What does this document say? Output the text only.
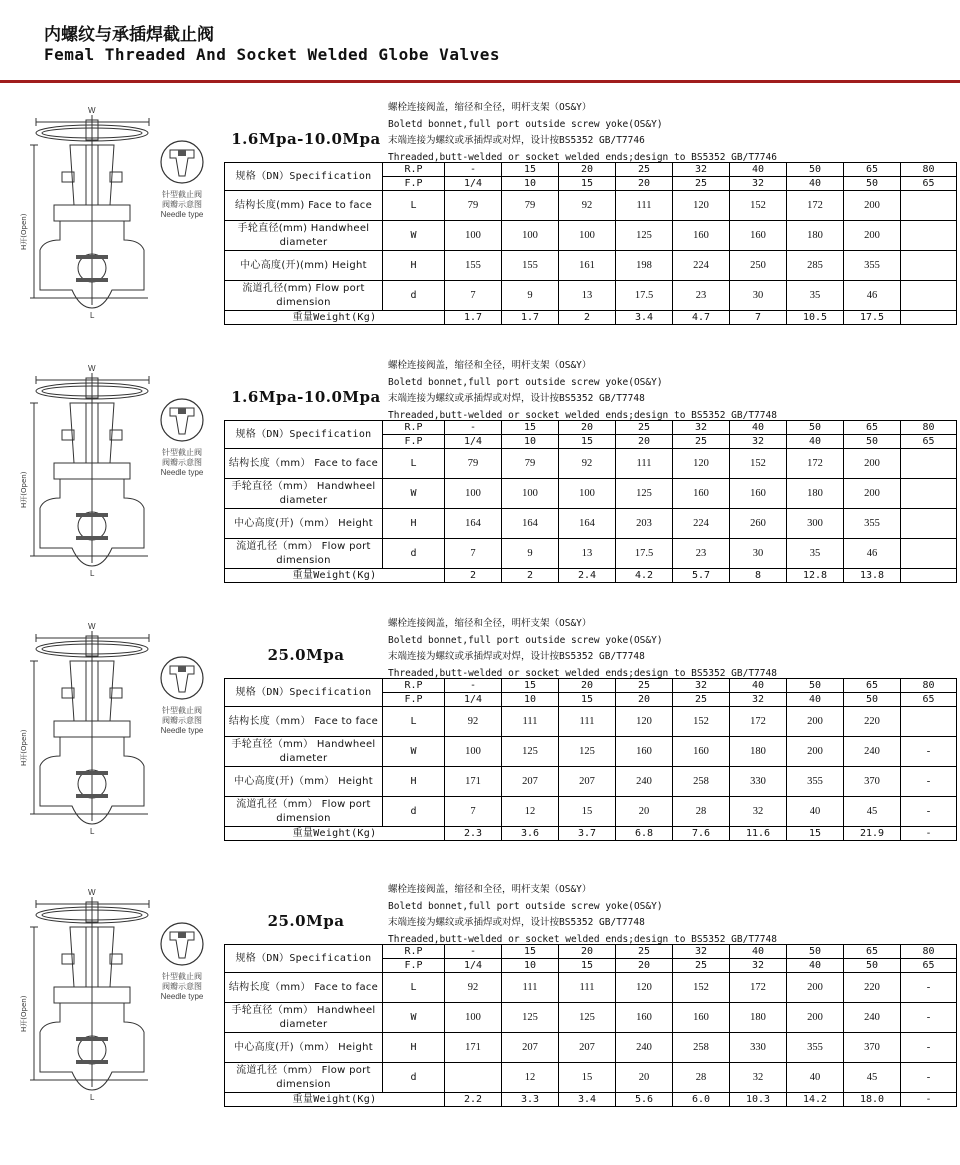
内螺纹与承插焊截止阀
Femal Threaded And Socket Welded Globe Valves
W
L
H开(Open)
针型截止阀
阀瓣示意图
Needle type
1.6Mpa-10.0Mpa
螺栓连接阀盖，缩径和全径，明杆支架（OS&Y）
Boletd bonnet,full port outside screw yoke(OS&Y)
末端连接为螺纹或承插焊或对焊，设计按BS5352 GB/T7746
Threaded,butt-welded or socket welded ends;design to BS5352 GB/T7746
规格（DN）Specification	R.P	-	15	20	25	32	40	50	65	80
	F.P	1/4	10	15	20	25	32	40	50	65
结构长度(mm) Face to face	L	79	79	92	111	120	152	172	200	
手轮直径(mm) Handwheel diameter	W	100	100	100	125	160	160	180	200	
中心高度(开)(mm) Height	H	155	155	161	198	224	250	285	355	
流道孔径(mm) Flow port dimension	d	7	9	13	17.5	23	30	35	46	
重量Weight(Kg)		1.7	1.7	2	3.4	4.7	7	10.5	17.5	
W
L
H开(Open)
针型截止阀
阀瓣示意图
Needle type
1.6Mpa-10.0Mpa
螺栓连接阀盖，缩径和全径，明杆支架（OS&Y）
Boletd bonnet,full port outside screw yoke(OS&Y)
末端连接为螺纹或承插焊或对焊，设计按BS5352 GB/T7748
Threaded,butt-welded or socket welded ends;design to BS5352 GB/T7748
规格（DN）Specification	R.P	-	15	20	25	32	40	50	65	80
	F.P	1/4	10	15	20	25	32	40	50	65
结构长度（mm） Face to face	L	79	79	92	111	120	152	172	200	
手轮直径（mm） Handwheel diameter	W	100	100	100	125	160	160	180	200	
中心高度(开)（mm） Height	H	164	164	164	203	224	260	300	355	
流道孔径（mm） Flow port dimension	d	7	9	13	17.5	23	30	35	46	
重量Weight(Kg)		2	2	2.4	4.2	5.7	8	12.8	13.8	
W
L
H开(Open)
针型截止阀
阀瓣示意图
Needle type
25.0Mpa
螺栓连接阀盖，缩径和全径，明杆支架（OS&Y）
Boletd bonnet,full port outside screw yoke(OS&Y)
末端连接为螺纹或承插焊或对焊，设计按BS5352 GB/T7748
Threaded,butt-welded or socket welded ends;design to BS5352 GB/T7748
规格（DN）Specification	R.P	-	15	20	25	32	40	50	65	80
	F.P	1/4	10	15	20	25	32	40	50	65
结构长度（mm） Face to face	L	92	111	111	120	152	172	200	220	
手轮直径（mm） Handwheel diameter	W	100	125	125	160	160	180	200	240	-
中心高度(开)（mm） Height	H	171	207	207	240	258	330	355	370	-
流道孔径（mm） Flow port dimension	d	7	12	15	20	28	32	40	45	-
重量Weight(Kg)		2.3	3.6	3.7	6.8	7.6	11.6	15	21.9	-
W
L
H开(Open)
针型截止阀
阀瓣示意图
Needle type
25.0Mpa
螺栓连接阀盖，缩径和全径，明杆支架（OS&Y）
Boletd bonnet,full port outside screw yoke(OS&Y)
末端连接为螺纹或承插焊或对焊，设计按BS5352 GB/T7748
Threaded,butt-welded or socket welded ends;design to BS5352 GB/T7748
规格（DN）Specification	R.P	-	15	20	25	32	40	50	65	80
	F.P	1/4	10	15	20	25	32	40	50	65
结构长度（mm） Face to face	L	92	111	111	120	152	172	200	220	-
手轮直径（mm） Handwheel diameter	W	100	125	125	160	160	180	200	240	-
中心高度(开)（mm） Height	H	171	207	207	240	258	330	355	370	-
流道孔径（mm） Flow port dimension	d		12	15	20	28	32	40	45	-
重量Weight(Kg)		2.2	3.3	3.4	5.6	6.0	10.3	14.2	18.0	-
